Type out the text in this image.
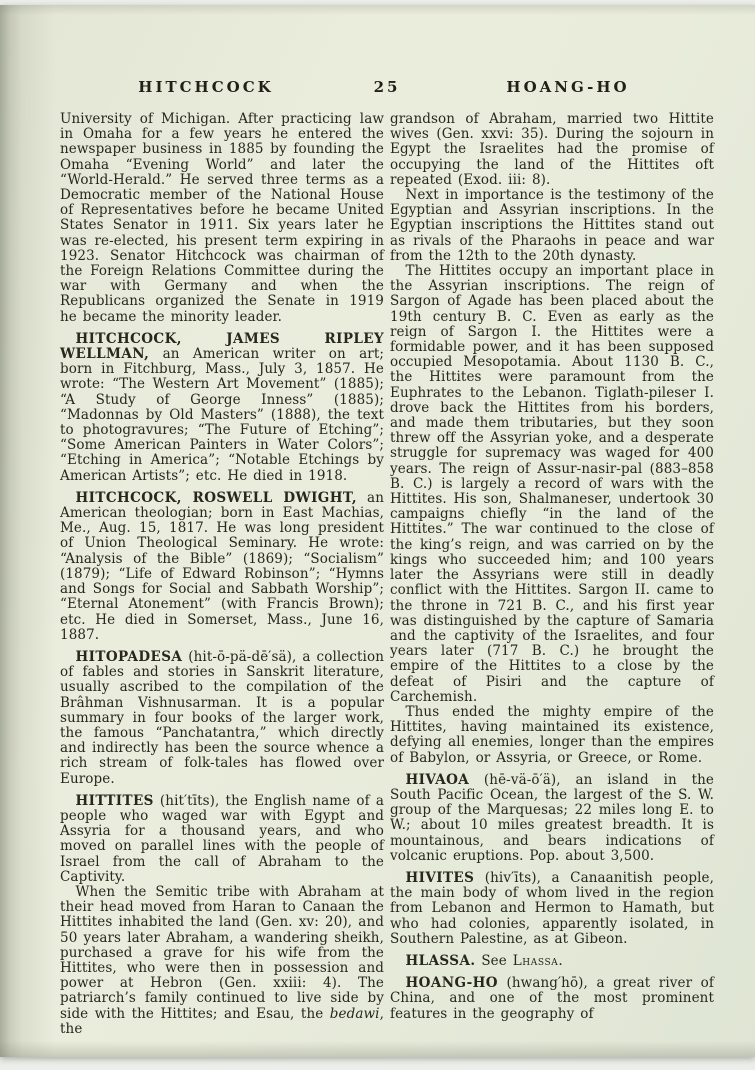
HITCHCOCK	25	HOANG-HO

University of Michigan. After practicing law in Omaha for a few years he entered the newspaper business in 1885 by founding the Omaha “Evening World” and later the “World-Herald.” He served three terms as a Democratic member of the National House of Representatives before he became United States Senator in 1911. Six years later he was re-elected, his present term expiring in 1923. Senator Hitchcock was chairman of the Foreign Relations Committee during the war with Germany and when the Republicans organized the Senate in 1919 he became the minority leader.

HITCHCOCK, JAMES RIPLEY WELLMAN, an American writer on art; born in Fitchburg, Mass., July 3, 1857. He wrote: “The Western Art Movement” (1885); “A Study of George Inness” (1885); “Madonnas by Old Masters” (1888), the text to photogravures; “The Future of Etching”; “Some American Painters in Water Colors”; “Etching in America”; “Notable Etchings by American Artists”; etc. He died in 1918.

HITCHCOCK, ROSWELL DWIGHT, an American theologian; born in East Machias, Me., Aug. 15, 1817. He was long president of Union Theological Seminary. He wrote: “Analysis of the Bible” (1869); “Socialism” (1879); “Life of Edward Robinson”; “Hymns and Songs for Social and Sabbath Worship”; “Eternal Atonement” (with Francis Brown); etc. He died in Somerset, Mass., June 16, 1887.

HITOPADESA (hit-ō-pä-dē′sä), a collection of fables and stories in Sanskrit literature, usually ascribed to the compilation of the Brâhman Vishnusarman. It is a popular summary in four books of the larger work, the famous “Panchatantra,” which directly and indirectly has been the source whence a rich stream of folk-tales has flowed over Europe.

HITTITES (hit′tīts), the English name of a people who waged war with Egypt and Assyria for a thousand years, and who moved on parallel lines with the people of Israel from the call of Abraham to the Captivity.

When the Semitic tribe with Abraham at their head moved from Haran to Canaan the Hittites inhabited the land (Gen. xv: 20), and 50 years later Abraham, a wandering sheikh, purchased a grave for his wife from the Hittites, who were then in possession and power at Hebron (Gen. xxiii: 4). The patriarch’s family continued to live side by side with the Hittites; and Esau, the bedawi, the

grandson of Abraham, married two Hittite wives (Gen. xxvi: 35). During the sojourn in Egypt the Israelites had the promise of occupying the land of the Hittites oft repeated (Exod. iii: 8).

Next in importance is the testimony of the Egyptian and Assyrian inscriptions. In the Egyptian inscriptions the Hittites stand out as rivals of the Pharaohs in peace and war from the 12th to the 20th dynasty.

The Hittites occupy an important place in the Assyrian inscriptions. The reign of Sargon of Agade has been placed about the 19th century B. C. Even as early as the reign of Sargon I. the Hittites were a formidable power, and it has been supposed occupied Mesopotamia. About 1130 B. C., the Hittites were paramount from the Euphrates to the Lebanon. Tiglath-pileser I. drove back the Hittites from his borders, and made them tributaries, but they soon threw off the Assyrian yoke, and a desperate struggle for supremacy was waged for 400 years. The reign of Assur-nasir-pal (883–858 B. C.) is largely a record of wars with the Hittites. His son, Shalmaneser, undertook 30 campaigns chiefly “in the land of the Hittites.” The war continued to the close of the king’s reign, and was carried on by the kings who succeeded him; and 100 years later the Assyrians were still in deadly conflict with the Hittites. Sargon II. came to the throne in 721 B. C., and his first year was distinguished by the capture of Samaria and the captivity of the Israelites, and four years later (717 B. C.) he brought the empire of the Hittites to a close by the defeat of Pisiri and the capture of Carchemish.

Thus ended the mighty empire of the Hittites, having maintained its existence, defying all enemies, longer than the empires of Babylon, or Assyria, or Greece, or Rome.

HIVAOA (hē-vä-ō′ä), an island in the South Pacific Ocean, the largest of the S. W. group of the Marquesas; 22 miles long E. to W.; about 10 miles greatest breadth. It is mountainous, and bears indications of volcanic eruptions. Pop. about 3,500.

HIVITES (hiv′īts), a Canaanitish people, the main body of whom lived in the region from Lebanon and Hermon to Hamath, but who had colonies, apparently isolated, in Southern Palestine, as at Gibeon.

HLASSA. See Lhassa.

HOANG-HO (hwang′hō), a great river of China, and one of the most prominent features in the geography of
